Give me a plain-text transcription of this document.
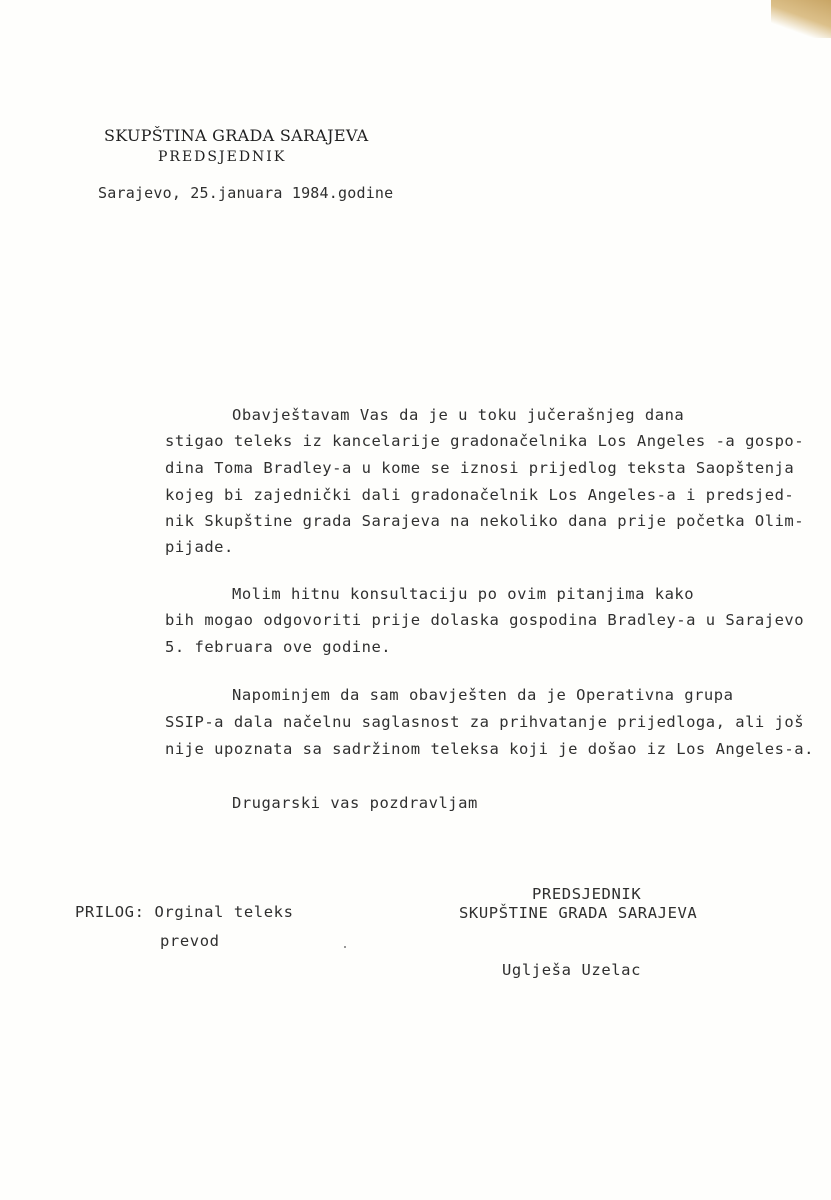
SKUPŠTINA GRADA SARAJEVA

PREDSJEDNIK

Sarajevo, 25.januara 1984.godine
Obavještavam Vas da je u toku jučerašnjeg dana
stigao teleks iz kancelarije gradonačelnika Los Angeles -a gospo-
dina Toma Bradley-a u kome se iznosi prijedlog teksta Saopštenja
kojeg bi zajednički dali gradonačelnik Los Angeles-a i predsjed-
nik Skupštine grada Sarajeva na nekoliko dana prije početka Olim-
pijade.
Molim hitnu konsultaciju po ovim pitanjima kako
bih mogao odgovoriti prije dolaska gospodina Bradley-a u Sarajevo
5. februara ove godine.
Napominjem da sam obavješten da je Operativna grupa
SSIP-a dala načelnu saglasnost za prihvatanje prijedloga, ali još
nije upoznata sa sadržinom teleksa koji je došao iz Los Angeles-a.
Drugarski vas pozdravljam
PRILOG: Orginal teleks
prevod
PREDSJEDNIK
SKUPŠTINE GRADA SARAJEVA
Uglješa Uzelac
